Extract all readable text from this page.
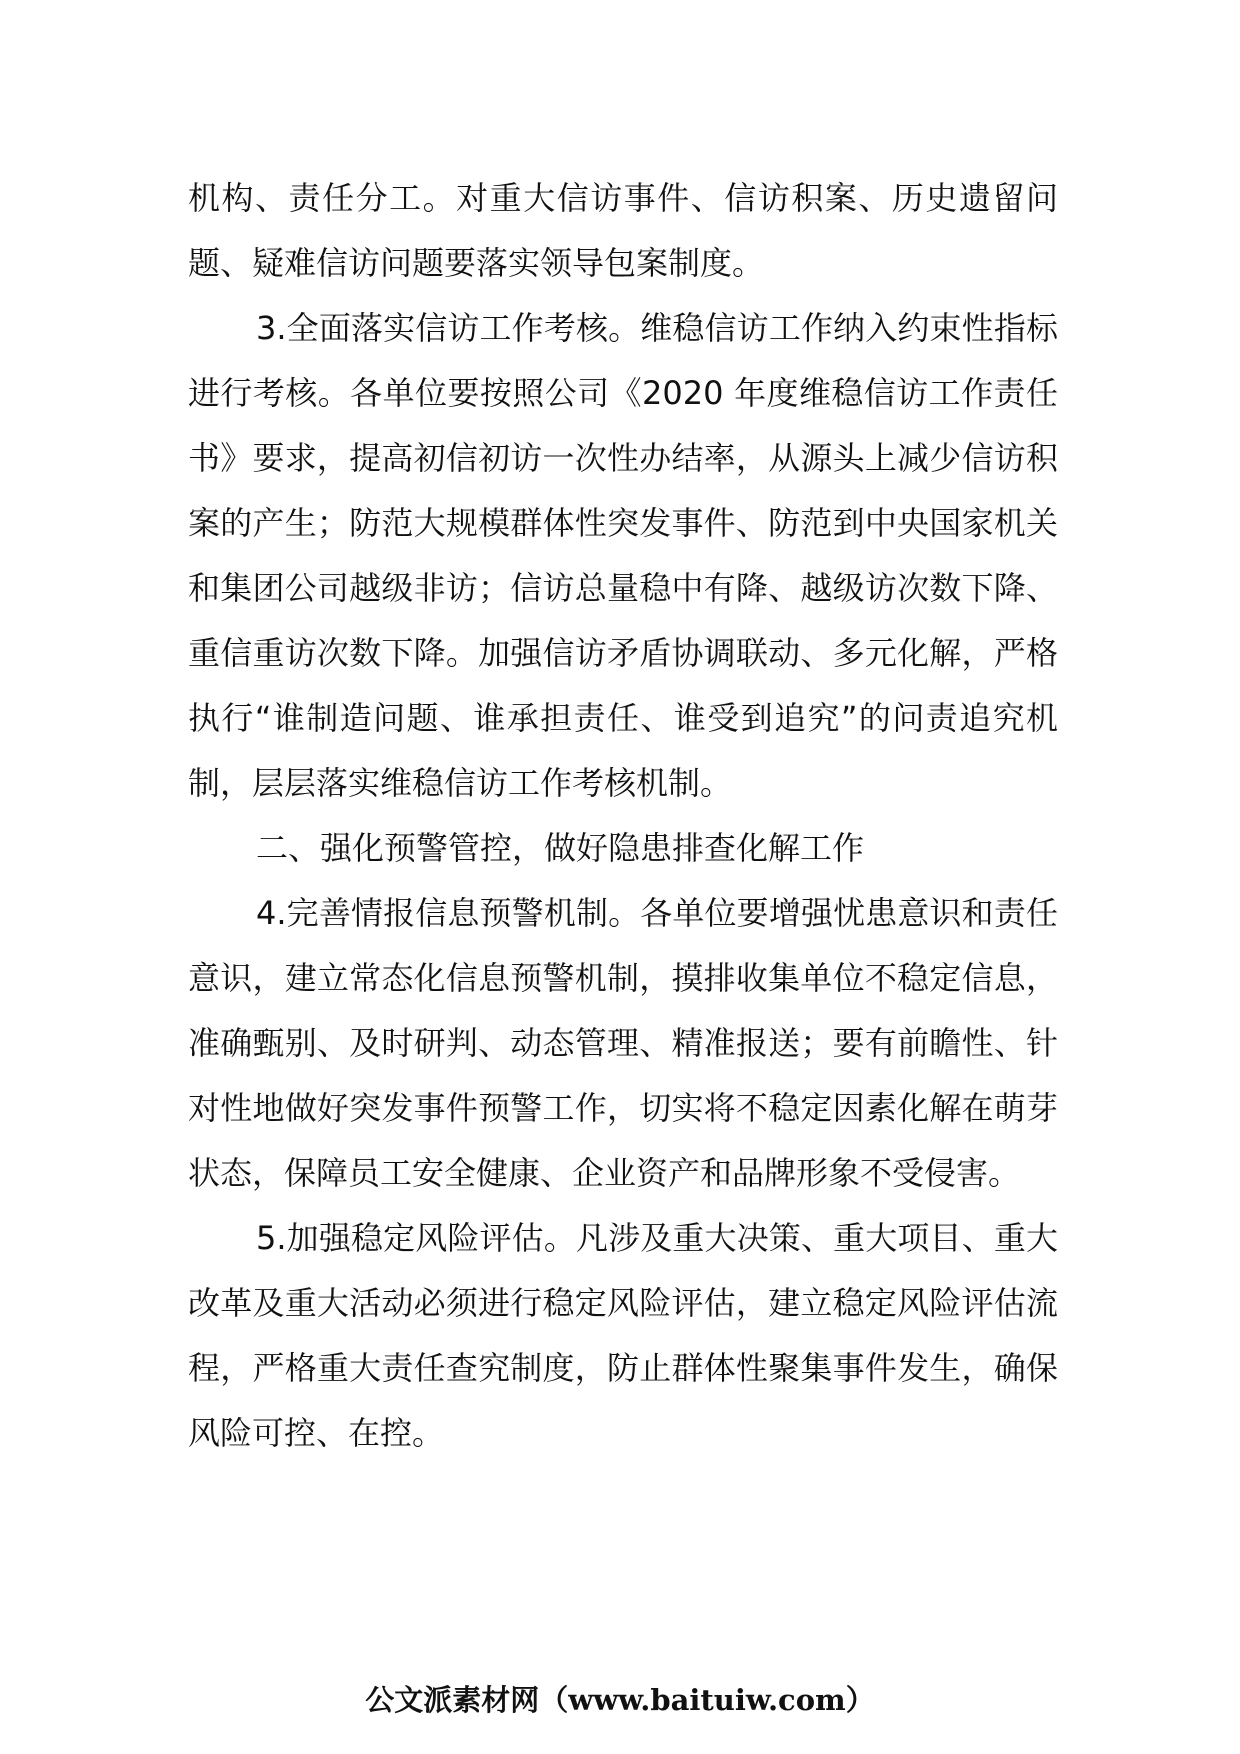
机构、责任分工。对重大信访事件、信访积案、历史遗留问题、疑难信访问题要落实领导包案制度。

3.全面落实信访工作考核。维稳信访工作纳入约束性指标进行考核。各单位要按照公司《2020 年度维稳信访工作责任书》要求，提高初信初访一次性办结率，从源头上减少信访积案的产生；防范大规模群体性突发事件、防范到中央国家机关和集团公司越级非访；信访总量稳中有降、越级访次数下降、重信重访次数下降。加强信访矛盾协调联动、多元化解，严格执行“谁制造问题、谁承担责任、谁受到追究”的问责追究机制，层层落实维稳信访工作考核机制。

二、强化预警管控，做好隐患排查化解工作

4.完善情报信息预警机制。各单位要增强忧患意识和责任意识，建立常态化信息预警机制，摸排收集单位不稳定信息，准确甄别、及时研判、动态管理、精准报送；要有前瞻性、针对性地做好突发事件预警工作，切实将不稳定因素化解在萌芽状态，保障员工安全健康、企业资产和品牌形象不受侵害。

5.加强稳定风险评估。凡涉及重大决策、重大项目、重大改革及重大活动必须进行稳定风险评估，建立稳定风险评估流程，严格重大责任查究制度，防止群体性聚集事件发生，确保风险可控、在控。

公文派素材网（www.baituiw.com）
